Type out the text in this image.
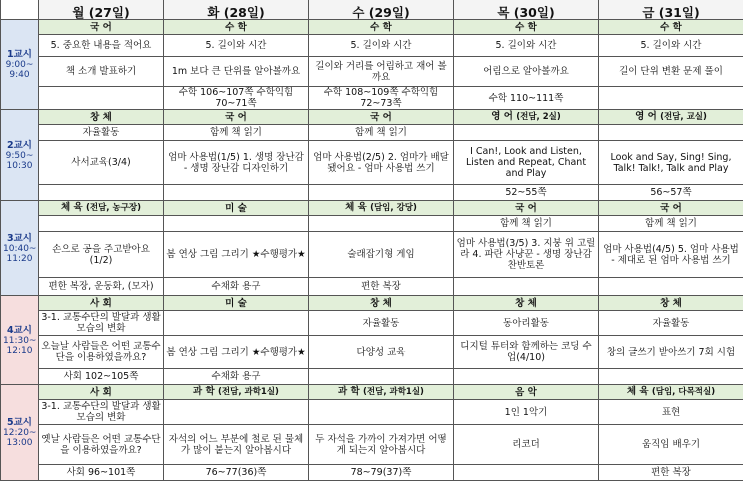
	월 (27일)	화 (28일)	수 (29일)	목 (30일)	금 (31일)

1교시
9:00~ 9:40	국 어	수 학	수 학	수 학	수 학
	5. 중요한 내용을 적어요	5. 길이와 시간	5. 길이와 시간	5. 길이와 시간	5. 길이와 시간
	책 소개 발표하기	1m 보다 큰 단위를 알아볼까요	길이와 거리를 어림하고 재어 볼까요	어림으로 알아볼까요	길이 단위 변환 문제 풀이
		수학 106~107쪽 수학익힘 70~71쪽	수학 108~109쪽 수학익힘 72~73쪽	수학 110~111쪽	

2교시
9:50~ 10:30	창 체	국 어	국 어	영 어 (전담, 2실)	영 어 (전담, 교실)
	자율활동	함께 책 읽기	함께 책 읽기		
	사서교육(3/4)	엄마 사용법(1/5) 1. 생명 장난감 - 생명 장난감 디자인하기	엄마 사용법(2/5) 2. 엄마가 배달됐어요 - 엄마 사용법 쓰기	I Can!, Look and Listen, Listen and Repeat, Chant and Play	Look and Say, Sing! Sing, Talk! Talk!, Talk and Play
				52~55쪽	56~57쪽

3교시
10:40~ 11:20	체 육 (전담, 농구장)	미 술	체 육 (담임, 강당)	국 어	국 어
				함께 책 읽기	함께 책 읽기
	손으로 공을 주고받아요(1/2)	봄 연상 그림 그리기 ★수행평가★	술래잡기형 게임	엄마 사용법(3/5) 3. 지붕 위 고릴라 4. 파란 사냥꾼 - 생명 장난감 찬반토론	엄마 사용법(4/5) 5. 엄마 사용법 - 제대로 된 엄마 사용법 쓰기
	편한 복장, 운동화, (모자)	수채화 용구	편한 복장		

4교시
11:30~ 12:10	사 회	미 술	창 체	창 체	창 체
	3-1. 교통수단의 발달과 생활 모습의 변화		자율활동	동아리활동	자율활동
	오늘날 사람들은 어떤 교통수단을 이용하였을까요?	봄 연상 그림 그리기 ★수행평가★	다양성 교육	디지털 튜터와 함께하는 코딩 수업(4/10)	창의 글쓰기 받아쓰기 7회 시험
	사회 102~105쪽	수채화 용구			

5교시
12:20~ 13:00	사 회	과 학 (전담, 과학1실)	과 학 (전담, 과학1실)	음 악	체 육 (담임, 다목적실)
	3-1. 교통수단의 발달과 생활 모습의 변화			1인 1악기	표현
	옛날 사람들은 어떤 교통수단을 이용하였을까요?	자석의 어느 부분에 철로 된 물체가 많이 붙는지 알아봅시다	두 자석을 가까이 가져가면 어떻게 되는지 알아봅시다	리코더	움직임 배우기
	사회 96~101쪽	76~77(36)쪽	78~79(37)쪽		편한 복장
